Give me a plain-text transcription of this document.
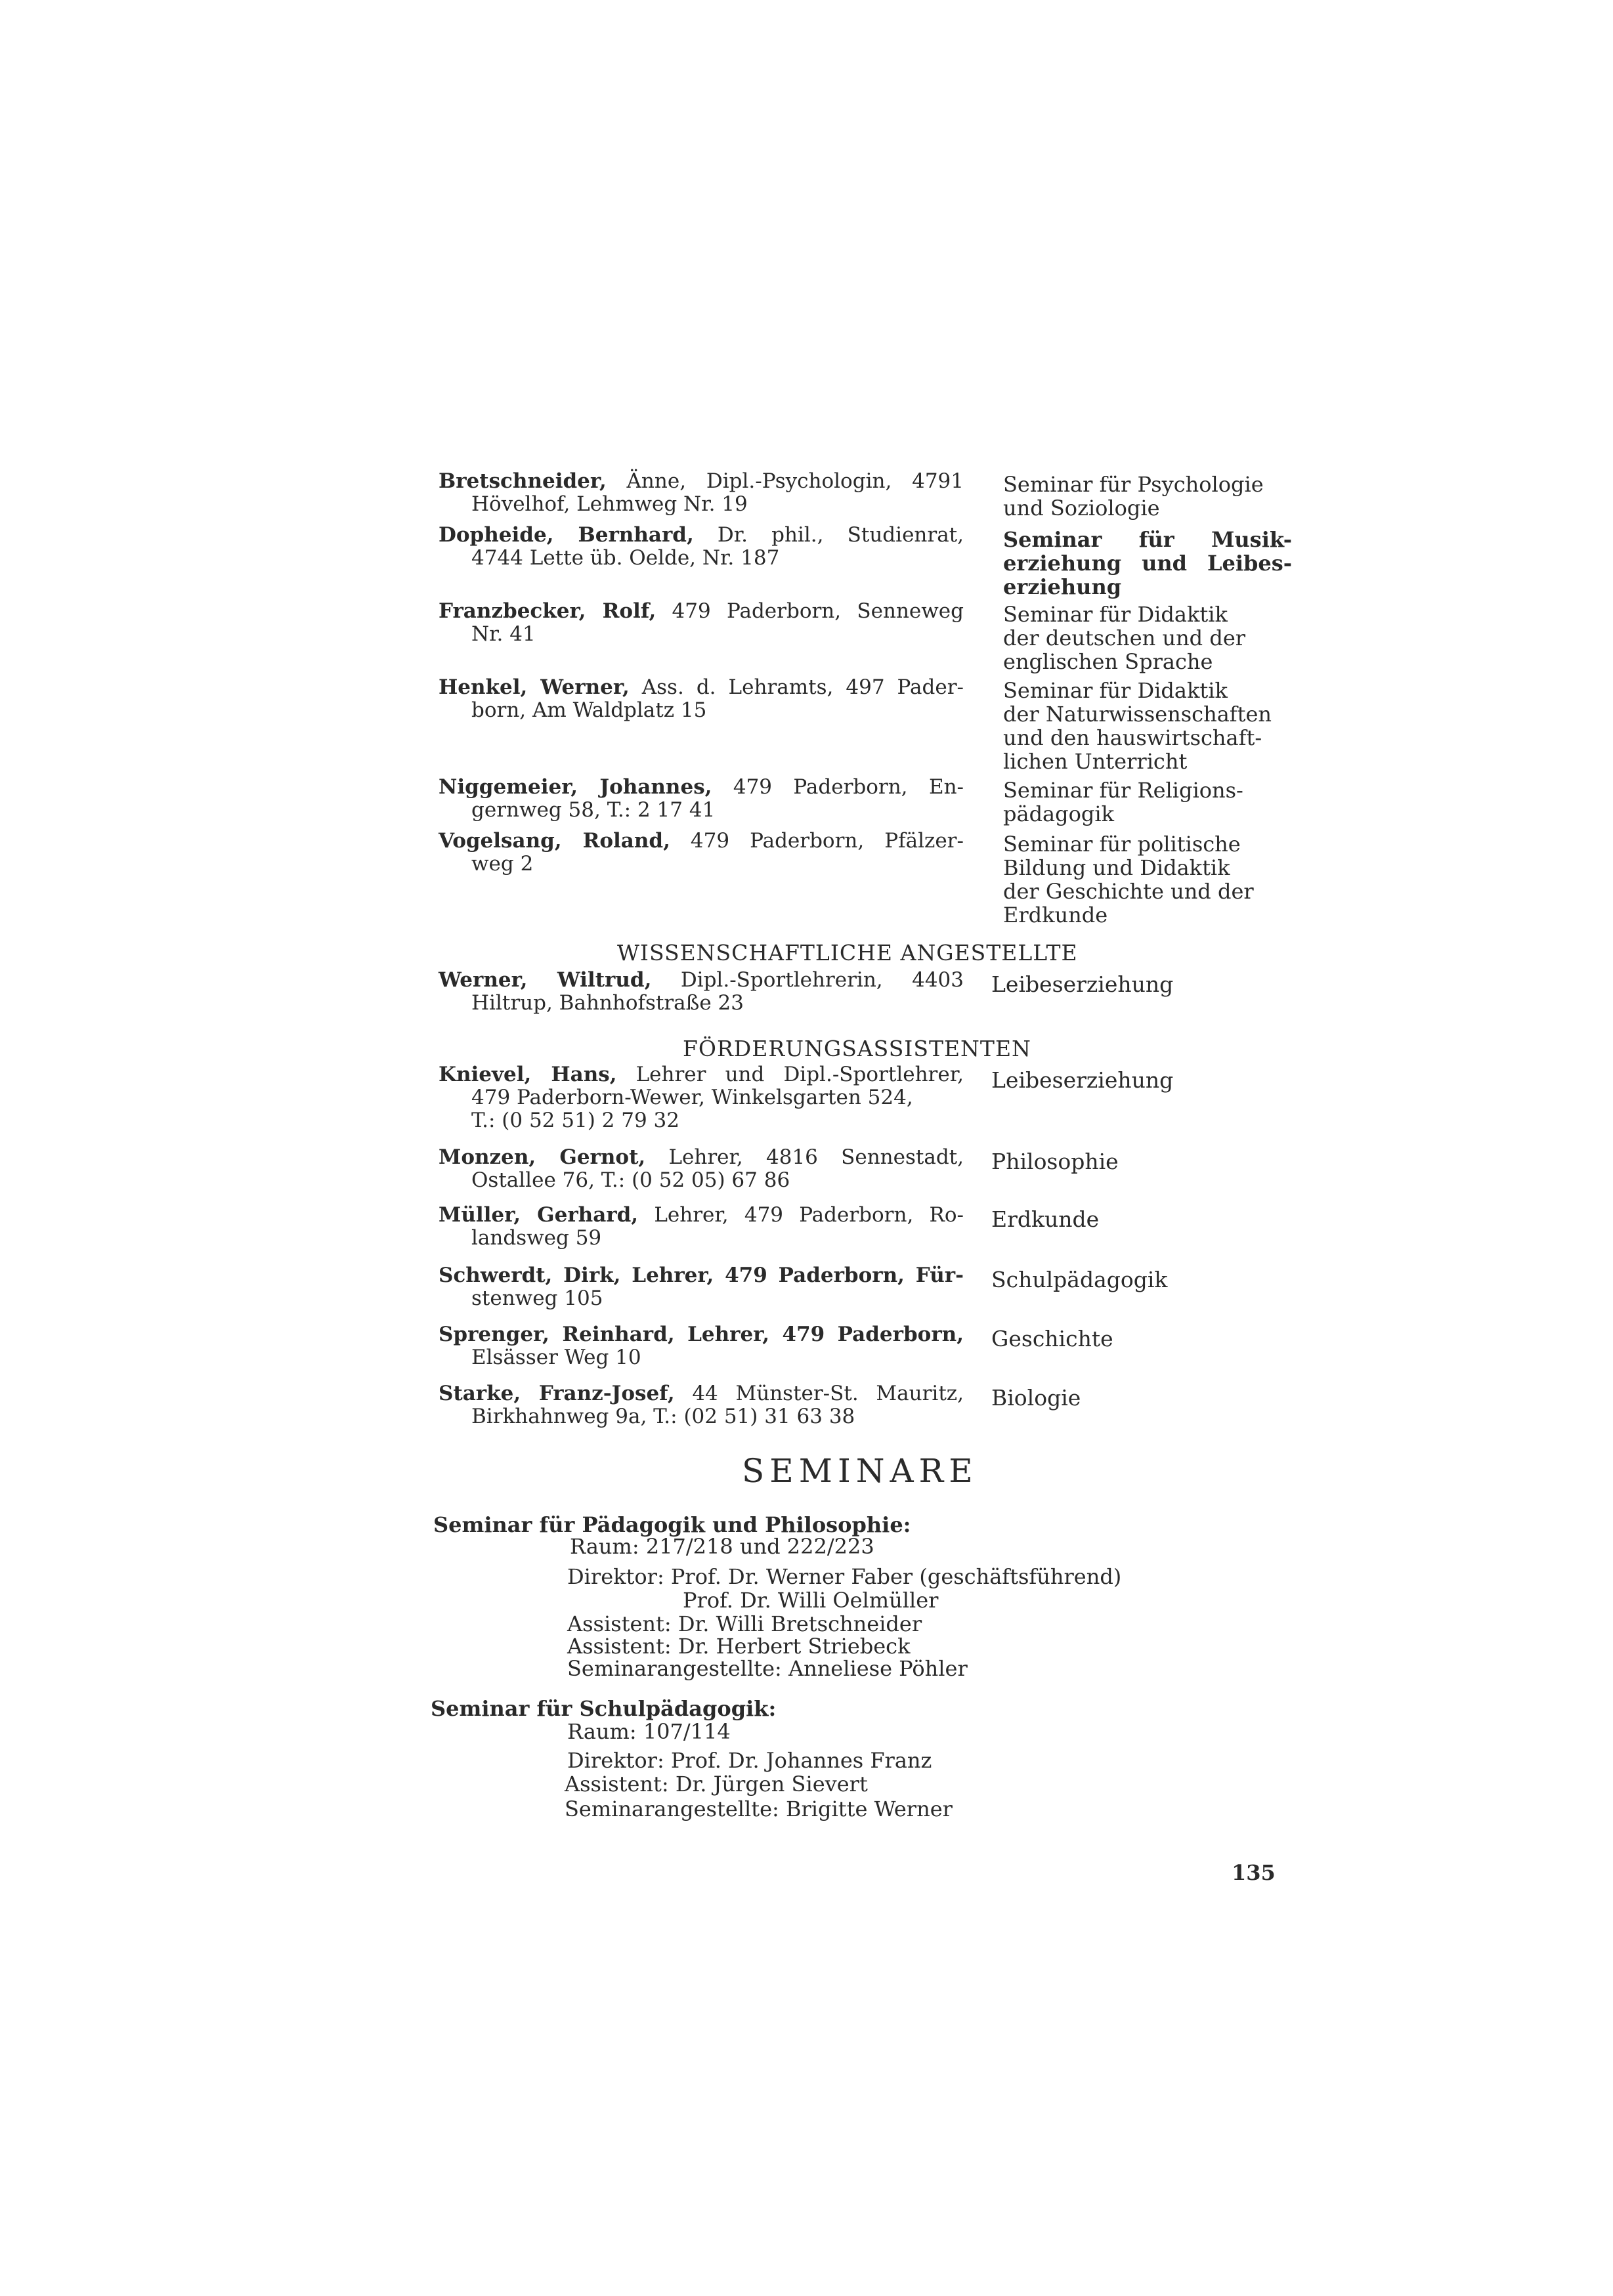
Bretschneider, Änne, Dipl.-Psychologin, 4791
Hövelhof, Lehmweg Nr. 19
Dopheide, Bernhard, Dr. phil., Studienrat,
4744 Lette üb. Oelde, Nr. 187
Franzbecker, Rolf, 479 Paderborn, Senneweg
Nr. 41
Henkel, Werner, Ass. d. Lehramts, 497 Pader-
born, Am Waldplatz 15
Niggemeier, Johannes, 479 Paderborn, En-
gernweg 58, T.: 2 17 41
Vogelsang, Roland, 479 Paderborn, Pfälzer-
weg 2
Seminar für Psychologie
und Soziologie
Seminar für Musik-
erziehung und Leibes-
erziehung
Seminar für Didaktik
der deutschen und der
englischen Sprache
Seminar für Didaktik
der Naturwissenschaften
und den hauswirtschaft-
lichen Unterricht
Seminar für Religions-
pädagogik
Seminar für politische
Bildung und Didaktik
der Geschichte und der
Erdkunde
WISSENSCHAFTLICHE ANGESTELLTE
Werner, Wiltrud, Dipl.-Sportlehrerin, 4403
Hiltrup, Bahnhofstraße 23
Leibeserziehung
FÖRDERUNGSASSISTENTEN
Knievel, Hans, Lehrer und Dipl.-Sportlehrer,
479 Paderborn-Wewer, Winkelsgarten 524,
T.: (0 52 51) 2 79 32
Leibeserziehung
Monzen, Gernot, Lehrer, 4816 Sennestadt,
Ostallee 76, T.: (0 52 05) 67 86
Philosophie
Müller, Gerhard, Lehrer, 479 Paderborn, Ro-
landsweg 59
Erdkunde
Schwerdt, Dirk, Lehrer, 479 Paderborn, Für-
stenweg 105
Schulpädagogik
Sprenger, Reinhard, Lehrer, 479 Paderborn,
Elsässer Weg 10
Geschichte
Starke, Franz-Josef, 44 Münster-St. Mauritz,
Birkhahnweg 9a, T.: (02 51) 31 63 38
Biologie
SEMINARE
Seminar für Pädagogik und Philosophie:
Raum: 217/218 und 222/223
Direktor: Prof. Dr. Werner Faber (geschäftsführend)
Prof. Dr. Willi Oelmüller
Assistent: Dr. Willi Bretschneider
Assistent: Dr. Herbert Striebeck
Seminarangestellte: Anneliese Pöhler
Seminar für Schulpädagogik:
Raum: 107/114
Direktor: Prof. Dr. Johannes Franz
Assistent: Dr. Jürgen Sievert
Seminarangestellte: Brigitte Werner
135
